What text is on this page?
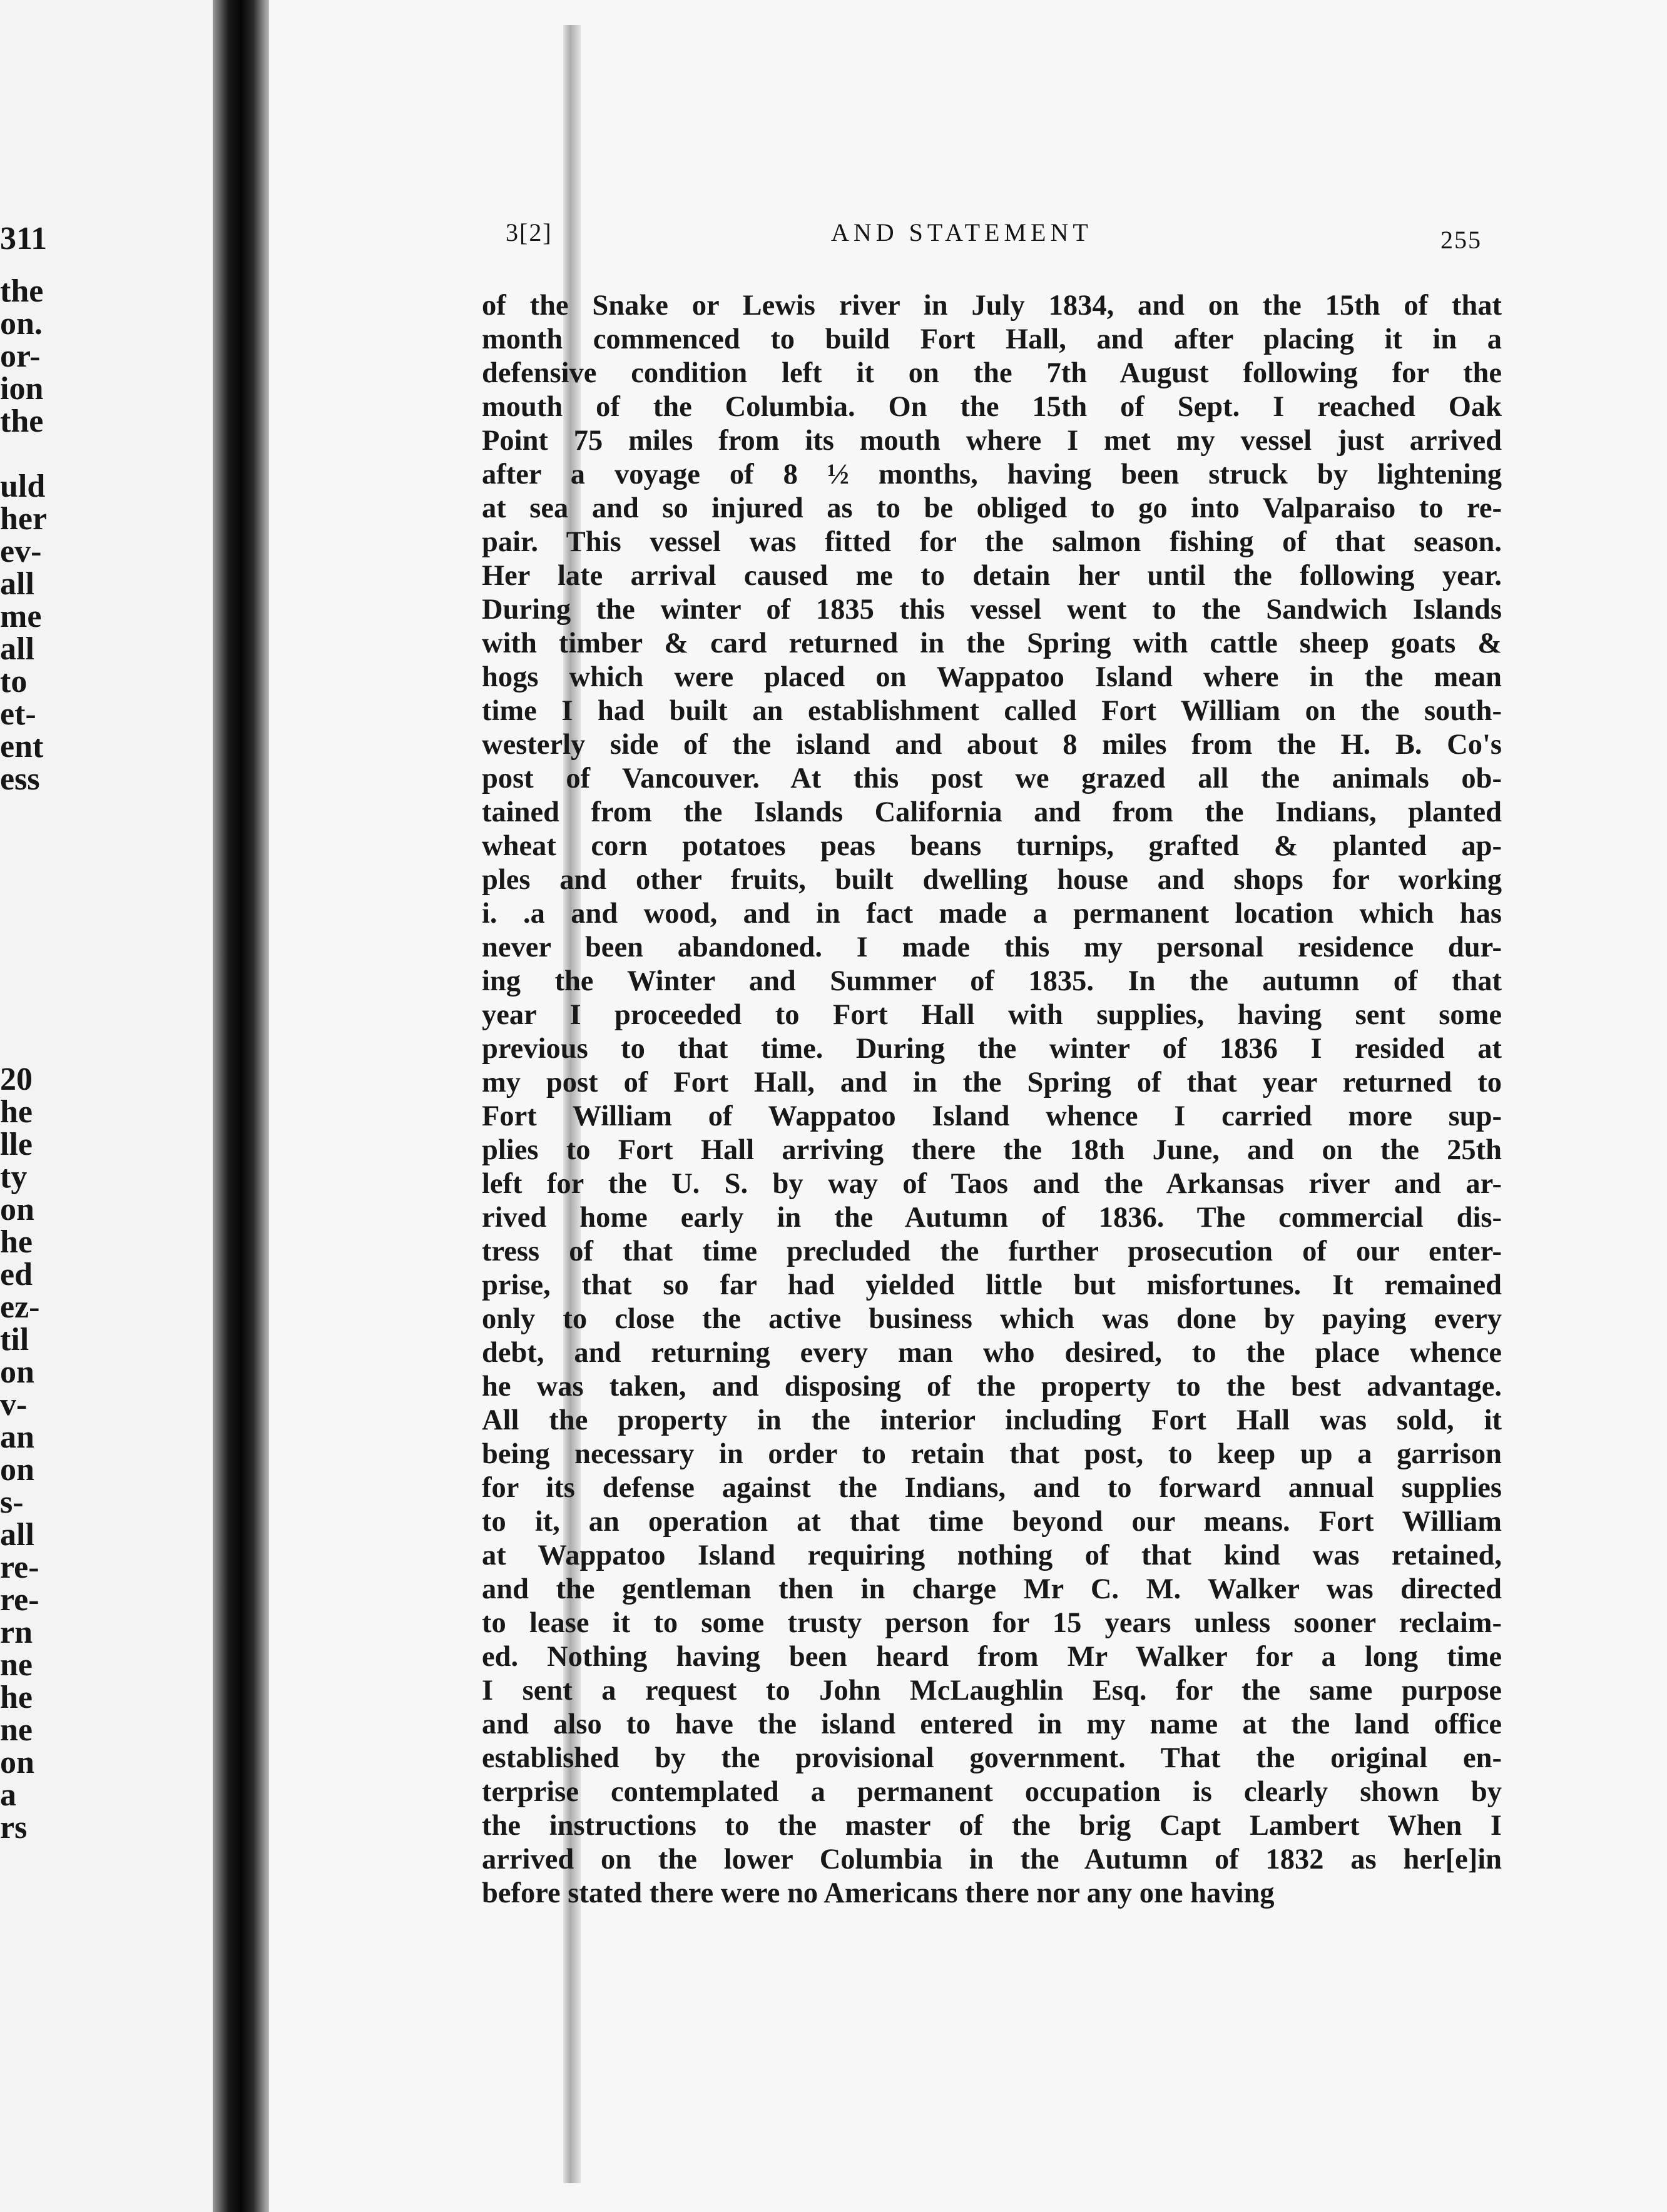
311
the
on.
or-
ion
the
uld
her
ev-
all
me
all
to
et-
ent
ess
20
he
lle
ty
on
he
ed
ez-
til
on
v-
an
on
s-
all
re-
re-
rn
ne
he
ne
on
a
rs
3[2]	AND STATEMENT	255
of the Snake or Lewis river in July 1834, and on the 15th of that
month commenced to build Fort Hall, and after placing it in a
defensive condition left it on the 7th August following for the
mouth of the Columbia. On the 15th of Sept. I reached Oak
Point 75 miles from its mouth where I met my vessel just arrived
after a voyage of 8 ½ months, having been struck by lightening
at sea and so injured as to be obliged to go into Valparaiso to re-
pair. This vessel was fitted for the salmon fishing of that season.
Her late arrival caused me to detain her until the following year.
During the winter of 1835 this vessel went to the Sandwich Islands
with timber & card returned in the Spring with cattle sheep goats &
hogs which were placed on Wappatoo Island where in the mean
time I had built an establishment called Fort William on the south-
westerly side of the island and about 8 miles from the H. B. Co's
post of Vancouver. At this post we grazed all the animals ob-
tained from the Islands California and from the Indians, planted
wheat corn potatoes peas beans turnips, grafted & planted ap-
ples and other fruits, built dwelling house and shops for working
i. .a and wood, and in fact made a permanent location which has
never been abandoned. I made this my personal residence dur-
ing the Winter and Summer of 1835. In the autumn of that
year I proceeded to Fort Hall with supplies, having sent some
previous to that time. During the winter of 1836 I resided at
my post of Fort Hall, and in the Spring of that year returned to
Fort William of Wappatoo Island whence I carried more sup-
plies to Fort Hall arriving there the 18th June, and on the 25th
left for the U. S. by way of Taos and the Arkansas river and ar-
rived home early in the Autumn of 1836. The commercial dis-
tress of that time precluded the further prosecution of our enter-
prise, that so far had yielded little but misfortunes. It remained
only to close the active business which was done by paying every
debt, and returning every man who desired, to the place whence
he was taken, and disposing of the property to the best advantage.
All the property in the interior including Fort Hall was sold, it
being necessary in order to retain that post, to keep up a garrison
for its defense against the Indians, and to forward annual supplies
to it, an operation at that time beyond our means. Fort William
at Wappatoo Island requiring nothing of that kind was retained,
and the gentleman then in charge Mr C. M. Walker was directed
to lease it to some trusty person for 15 years unless sooner reclaim-
ed. Nothing having been heard from Mr Walker for a long time
I sent a request to John McLaughlin Esq. for the same purpose
and also to have the island entered in my name at the land office
established by the provisional government. That the original en-
terprise contemplated a permanent occupation is clearly shown by
the instructions to the master of the brig Capt Lambert When I
arrived on the lower Columbia in the Autumn of 1832 as her[e]in
before stated there were no Americans there nor any one having
